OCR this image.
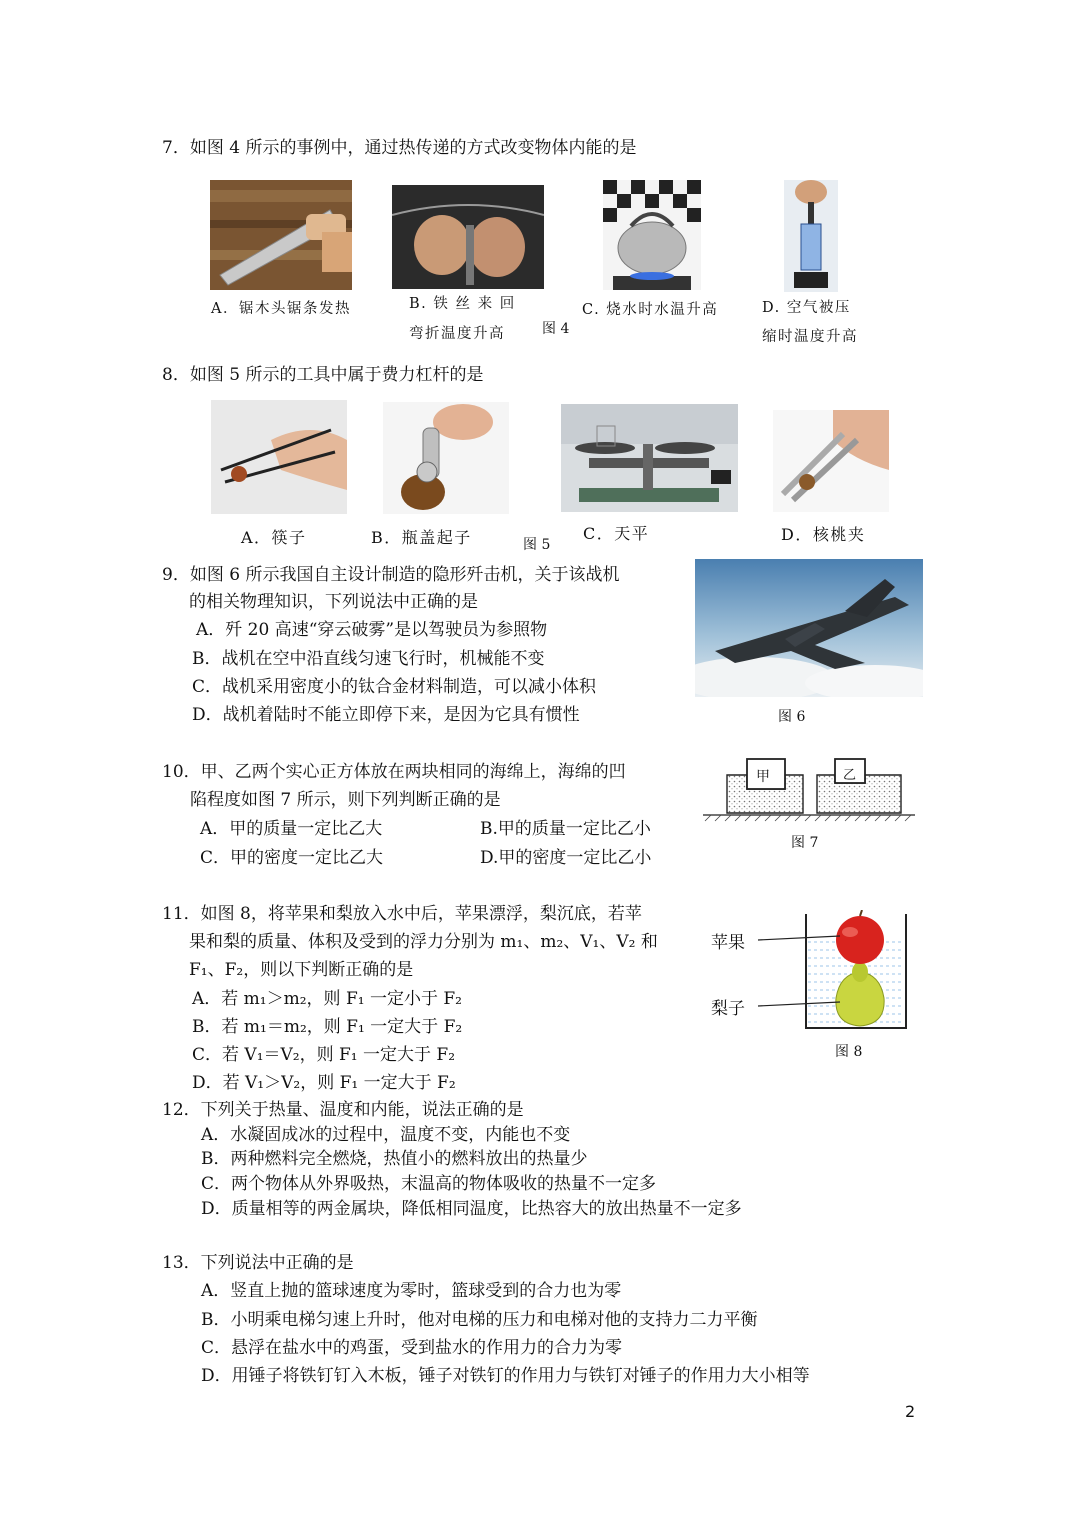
7．如图 4 所示的事例中，通过热传递的方式改变物体内能的是
A．锯木头锯条发热	B. 铁 丝 来 回
弯折温度升高	图 4
C. 烧水时水温升高	D. 空气被压
缩时温度升高
8．如图 5 所示的工具中属于费力杠杆的是
A．筷子	B．瓶盖起子	图 5
C．天平	D．核桃夹
9．如图 6 所示我国自主设计制造的隐形歼击机，关于该战机
的相关物理知识，下列说法中正确的是
A．歼 20 高速“穿云破雾”是以驾驶员为参照物
B．战机在空中沿直线匀速飞行时，机械能不变
C．战机采用密度小的钛合金材料制造，可以减小体积
D．战机着陆时不能立即停下来，是因为它具有惯性	图 6
10．甲、乙两个实心正方体放在两块相同的海绵上，海绵的凹
陷程度如图 7 所示，则下列判断正确的是
A．甲的质量一定比乙大	B.甲的质量一定比乙小
C．甲的密度一定比乙大	D.甲的密度一定比乙小
甲	乙
图 7
11．如图 8，将苹果和梨放入水中后，苹果漂浮，梨沉底，若苹
果和梨的质量、体积及受到的浮力分别为 m₁、m₂、V₁、V₂ 和
F₁、F₂，则以下判断正确的是
A．若 m₁＞m₂，则 F₁ 一定小于 F₂
B．若 m₁＝m₂，则 F₁ 一定大于 F₂
C．若 V₁＝V₂，则 F₁ 一定大于 F₂
D．若 V₁＞V₂，则 F₁ 一定大于 F₂
苹果
梨子
图 8
12．下列关于热量、温度和内能，说法正确的是
A．水凝固成冰的过程中，温度不变，内能也不变
B．两种燃料完全燃烧，热值小的燃料放出的热量少
C．两个物体从外界吸热，末温高的物体吸收的热量不一定多
D．质量相等的两金属块，降低相同温度，比热容大的放出热量不一定多
13．下列说法中正确的是
A．竖直上抛的篮球速度为零时，篮球受到的合力也为零
B．小明乘电梯匀速上升时，他对电梯的压力和电梯对他的支持力二力平衡
C．悬浮在盐水中的鸡蛋，受到盐水的作用力的合力为零
D．用锤子将铁钉钉入木板，锤子对铁钉的作用力与铁钉对锤子的作用力大小相等
2
